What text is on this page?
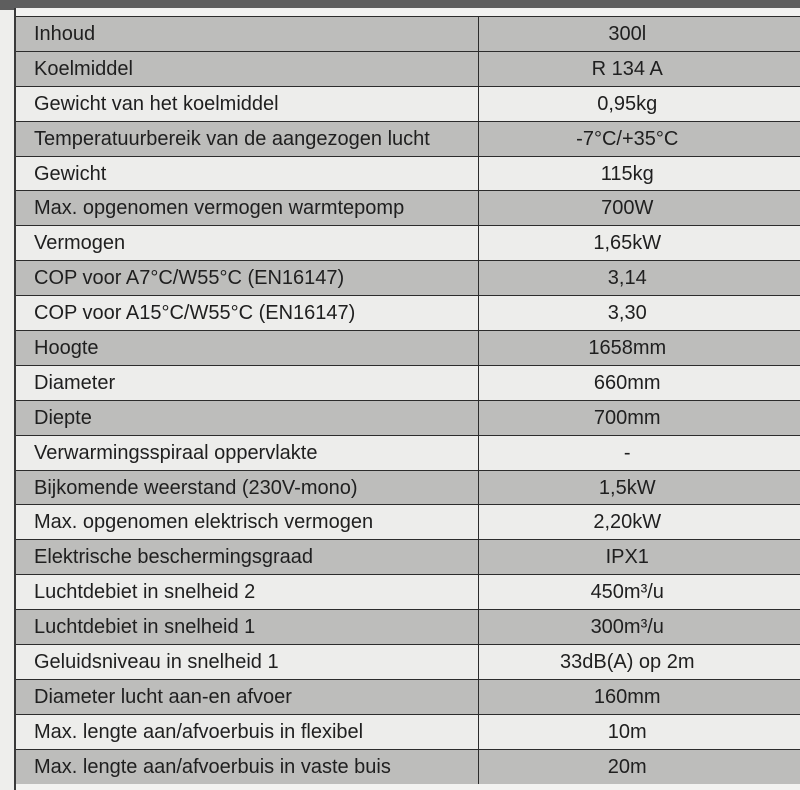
Inhoud	300l
Koelmiddel	R 134 A
Gewicht van het koelmiddel	0,95kg
Temperatuurbereik van de aangezogen lucht	-7°C/+35°C
Gewicht	115kg
Max. opgenomen vermogen warmtepomp	700W
Vermogen	1,65kW
COP voor A7°C/W55°C (EN16147)	3,14
COP voor A15°C/W55°C (EN16147)	3,30
Hoogte	1658mm
Diameter	660mm
Diepte	700mm
Verwarmingsspiraal oppervlakte	-
Bijkomende weerstand (230V-mono)	1,5kW
Max. opgenomen elektrisch vermogen	2,20kW
Elektrische beschermingsgraad	IPX1
Luchtdebiet in snelheid 2	450m³/u
Luchtdebiet in snelheid 1	300m³/u
Geluidsniveau in snelheid 1	33dB(A) op 2m
Diameter lucht aan-en afvoer	160mm
Max. lengte aan/afvoerbuis in flexibel	10m
Max. lengte aan/afvoerbuis in vaste buis	20m
